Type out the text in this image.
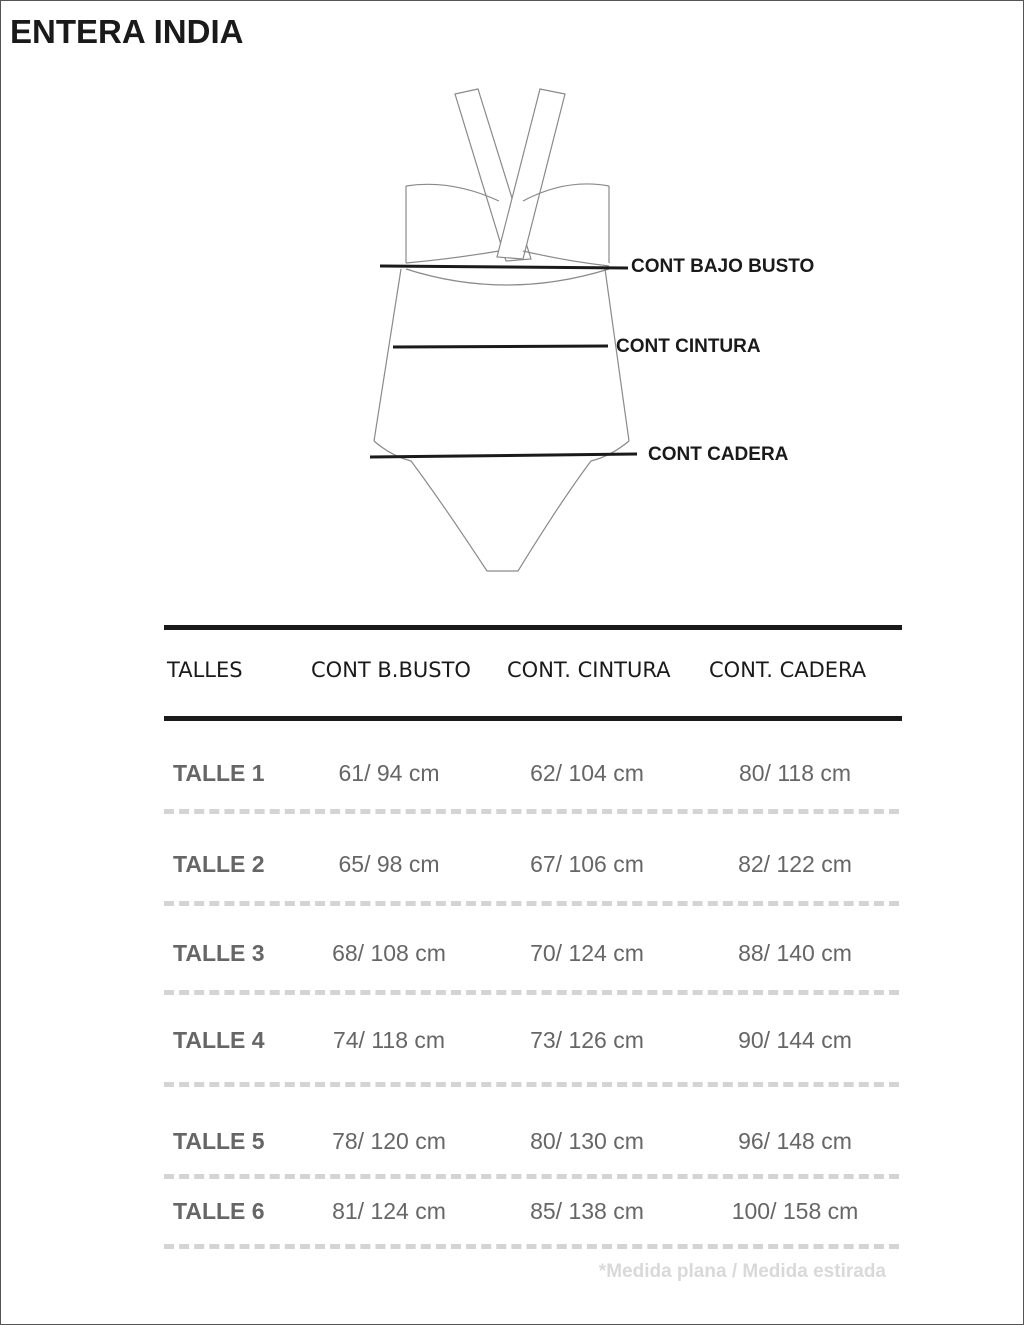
ENTERA INDIA
CONT BAJO BUSTO
CONT CINTURA
CONT CADERA
TALLES	CONT B.BUSTO CONT. CINTURA CONT. CADERA
TALLE 1	61/ 94 cm	62/ 104 cm	80/ 118 cm
TALLE 2	65/ 98 cm	67/ 106 cm	82/ 122 cm
TALLE 3	68/ 108 cm	70/ 124 cm	88/ 140 cm
TALLE 4	74/ 118 cm	73/ 126 cm	90/ 144 cm
TALLE 5	78/ 120 cm	80/ 130 cm	96/ 148 cm
TALLE 6	81/ 124 cm	85/ 138 cm	100/ 158 cm
*Medida plana / Medida estirada
